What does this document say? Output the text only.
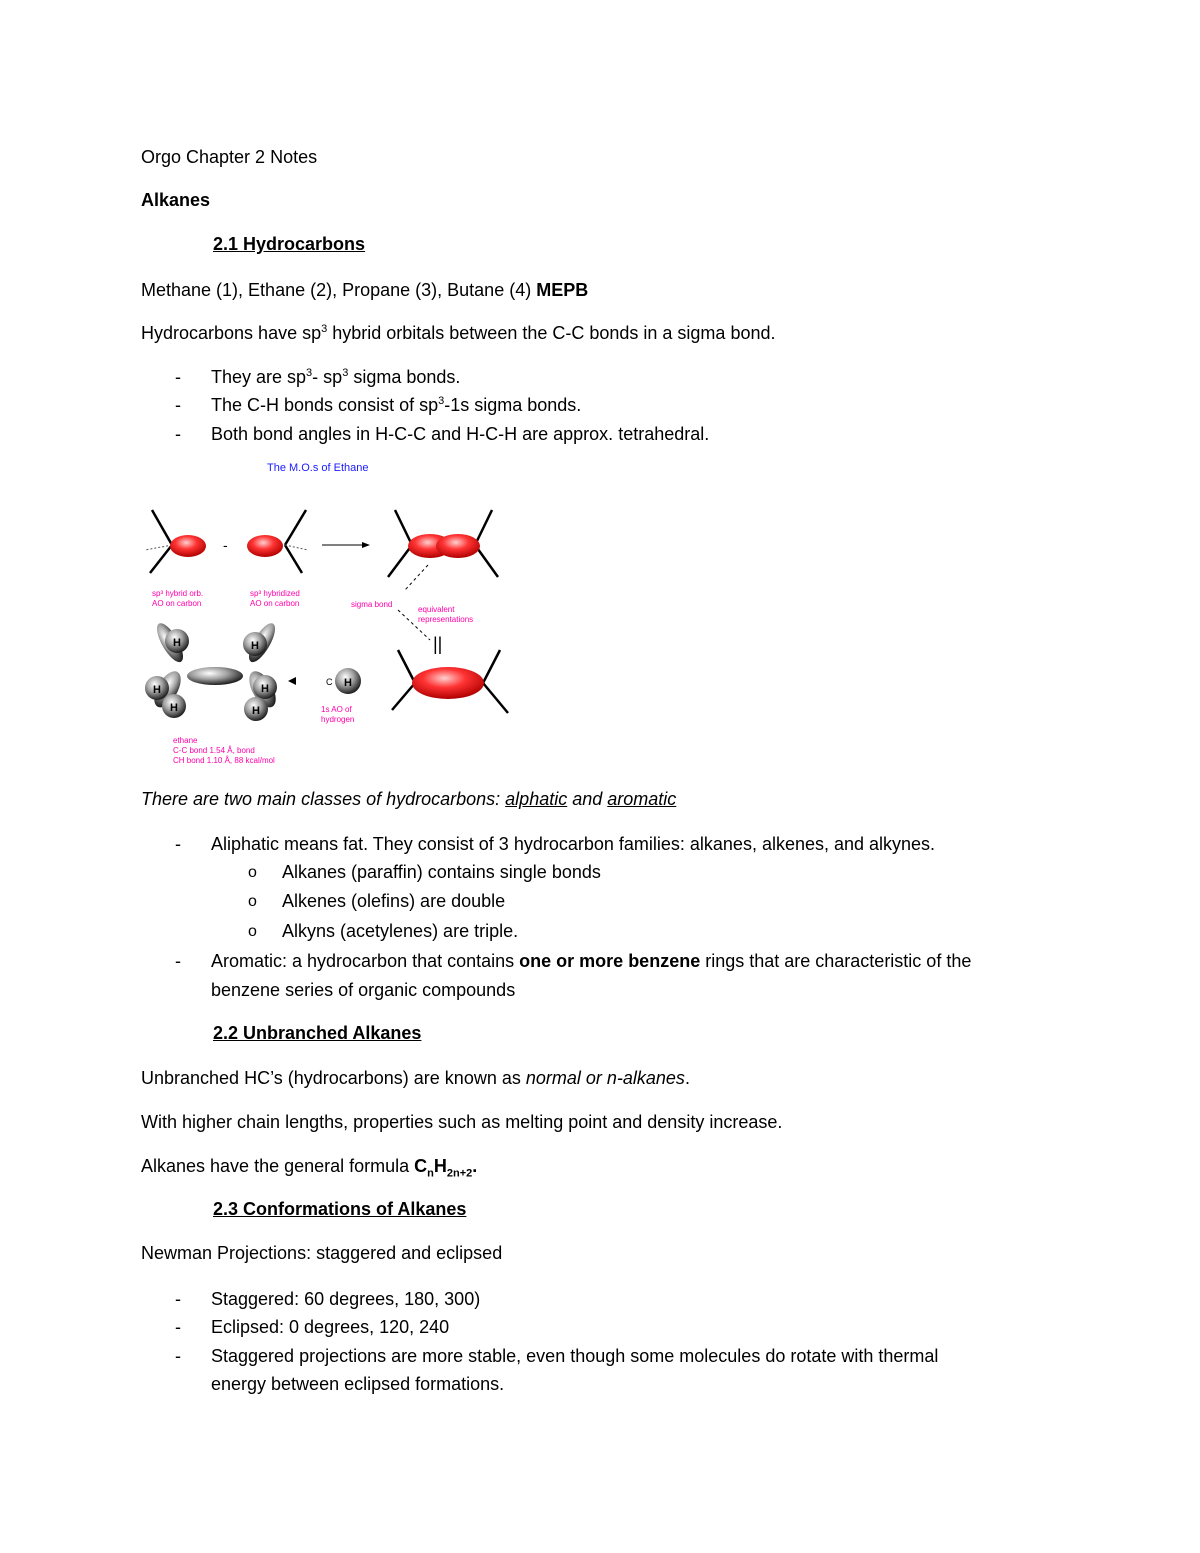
Orgo Chapter 2 Notes
Alkanes
2.1 Hydrocarbons
Methane (1), Ethane (2), Propane (3), Butane (4) MEPB
Hydrocarbons have $sp^3$ hybrid orbitals between the C-C bonds in a sigma bond.
- They are $sp^3-$ $sp^3$ sigma bonds.
- The C-H bonds consist of $sp^3-1s$ sigma bonds.
- Both bond angles in H-C-C and H-C-H are approx. tetrahedral.
The M.O.s of Ethane
-
||
H	H
H
H
H
H
H
C
sp³ hybrid orb.
AO on carbon
sp³ hybridized
AO on carbon	sigma bond
equivalent
representations
1s AO of
hydrogen
ethane
C-C bond 1.54 Å, bond
CH bond 1.10 Å, 88 kcal/mol
There are two main classes of hydrocarbons: alphatic and aromatic
- Aliphatic means fat. They consist of 3 hydrocarbon families: alkanes, alkenes, and alkynes.
o Alkanes (paraffin) contains single bonds
o Alkenes (olefins) are double
o Alkyns (acetylenes) are triple.
- Aromatic: a hydrocarbon that contains one or more benzene rings that are characteristic of the
benzene series of organic compounds
2.2 Unbranched Alkanes
Unbranched HC’s (hydrocarbons) are known as normal or n-alkanes.
With higher chain lengths, properties such as melting point and density increase.
Alkanes have the general formula $C_nH_{2n+2}$.
2.3 Conformations of Alkanes
Newman Projections: staggered and eclipsed
- Staggered: 60 degrees, 180, 300)
- Eclipsed: 0 degrees, 120, 240
- Staggered projections are more stable, even though some molecules do rotate with thermal
energy between eclipsed formations.
